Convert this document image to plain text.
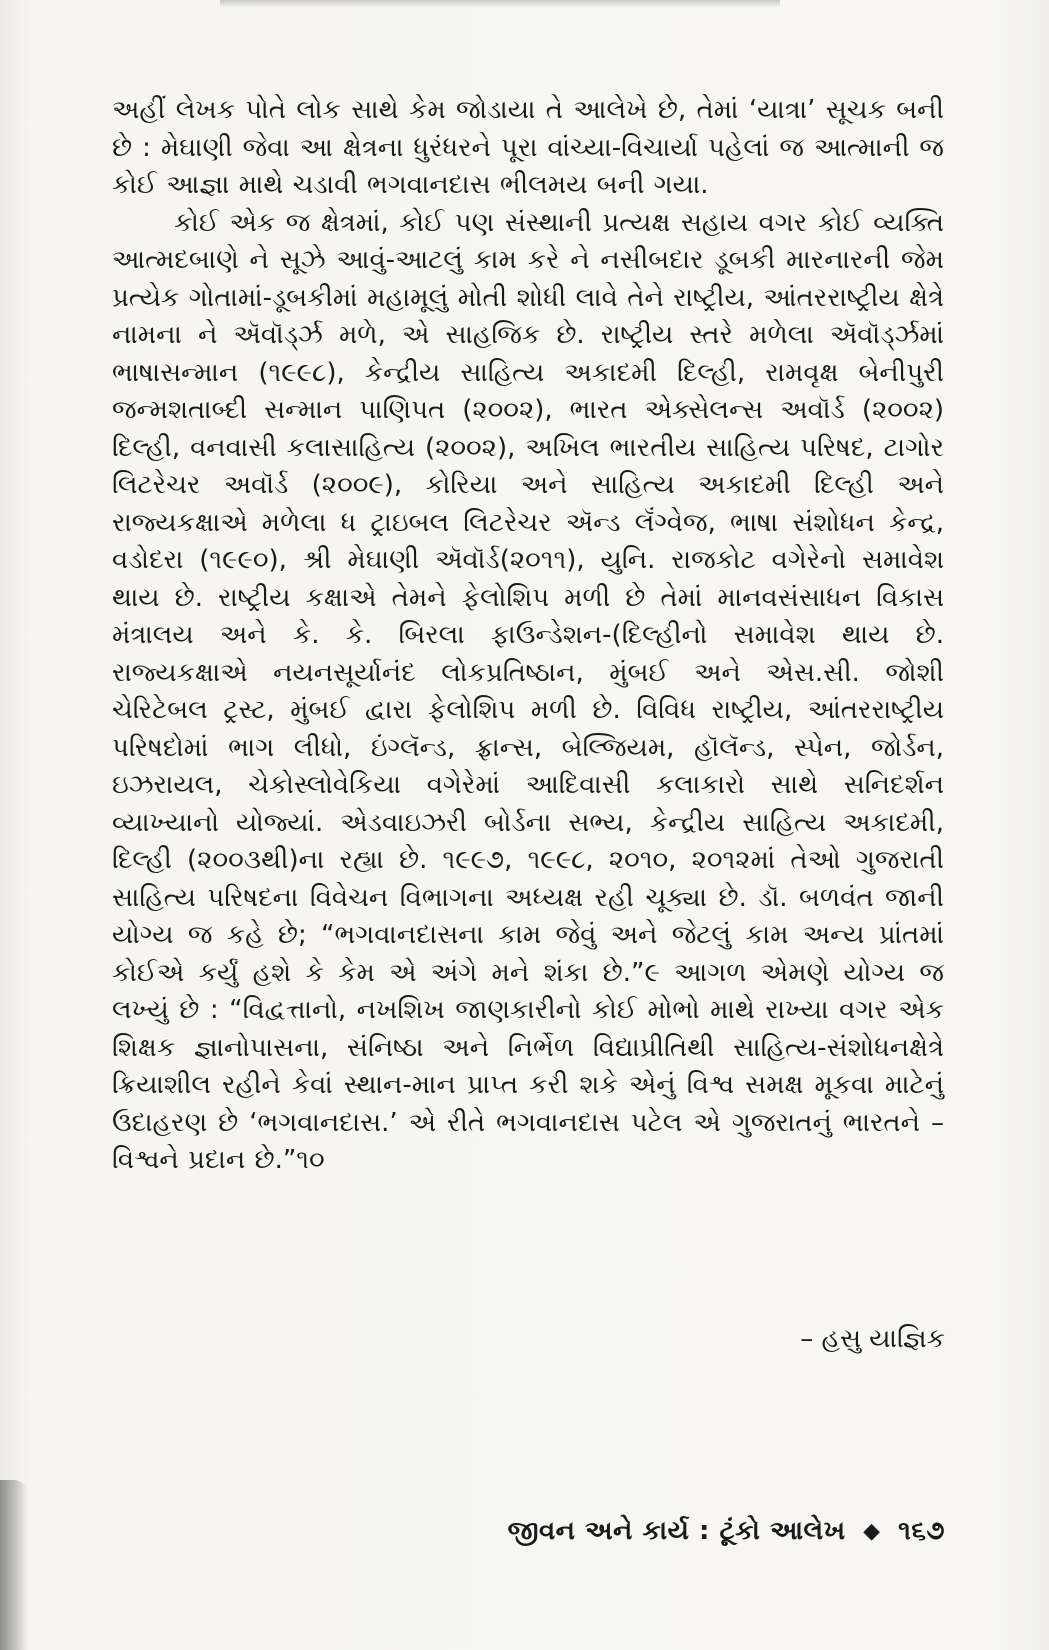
અહીં લેખક પોતે લોક સાથે કેમ જોડાયા તે આલેખે છે, તેમાં ‘યાત્રા’ સૂચક બની છે : મેઘાણી જેવા આ ક્ષેત્રના ધુરંધરને પૂરા વાંચ્યા-વિચાર્યા પહેલાં જ આત્માની જ કોઈ આજ્ઞા માથે ચડાવી ભગવાનદાસ ભીલમય બની ગયા.

કોઈ એક જ ક્ષેત્રમાં, કોઈ પણ સંસ્થાની પ્રત્યક્ષ સહાય વગર કોઈ વ્યક્તિ આત્મદબાણે ને સૂઝે આવું-આટલું કામ કરે ને નસીબદાર ડૂબકી મારનારની જેમ પ્રત્યેક ગોતામાં-ડૂબકીમાં મહામૂલું મોતી શોધી લાવે તેને રાષ્ટ્રીય, આંતરરાષ્ટ્રીય ક્ષેત્રે નામના ને ઍવૉર્ડ્ઝ મળે, એ સાહજિક છે. રાષ્ટ્રીય સ્તરે મળેલા ઍવૉર્ડ્ઝમાં ભાષાસન્માન (૧૯૯૮), કેન્દ્રીય સાહિત્ય અકાદમી દિલ્હી, રામવૃક્ષ બેનીપુરી જન્મશતાબ્દી સન્માન પાણિપત (૨૦૦૨), ભારત એક્સેલન્સ અવૉર્ડ (૨૦૦૨) દિલ્હી, વનવાસી કલાસાહિત્ય (૨૦૦૨), અખિલ ભારતીય સાહિત્ય પરિષદ, ટાગોર લિટરેચર અવૉર્ડ (૨૦૦૯), કોરિયા અને સાહિત્ય અકાદમી દિલ્હી અને રાજ્યકક્ષાએ મળેલા ધ ટ્રાઇબલ લિટરેચર ઍન્ડ લૅંગ્વેજ, ભાષા સંશોધન કેન્દ્ર, વડોદરા (૧૯૯૦), શ્રી મેઘાણી ઍવૉર્ડ(૨૦૧૧), યુનિ. રાજકોટ વગેરેનો સમાવેશ થાય છે. રાષ્ટ્રીય કક્ષાએ તેમને ફેલોશિપ મળી છે તેમાં માનવસંસાધન વિકાસ મંત્રાલય અને કે. કે. બિરલા ફાઉન્ડેશન-(દિલ્હીનો સમાવેશ થાય છે. રાજ્યકક્ષાએ નયનસૂર્યાનંદ લોકપ્રતિષ્ઠાન, મુંબઈ અને એસ.સી. જોશી ચેરિટેબલ ટ્રસ્ટ, મુંબઈ દ્વારા ફેલોશિપ મળી છે. વિવિધ રાષ્ટ્રીય, આંતરરાષ્ટ્રીય પરિષદોમાં ભાગ લીધો, ઇંગ્લૅન્ડ, ફ્રાન્સ, બેલ્જિયમ, હૉલૅન્ડ, સ્પેન, જોર્ડન, ઇઝરાયલ, ચેકોસ્લોવેકિયા વગેરેમાં આદિવાસી કલાકારો સાથે સનિદર્શન વ્યાખ્યાનો યોજ્યાં. એડવાઇઝરી બોર્ડના સભ્ય, કેન્દ્રીય સાહિત્ય અકાદમી, દિલ્હી (૨૦૦૩થી)ના રહ્યા છે. ૧૯૯૭, ૧૯૯૮, ૨૦૧૦, ૨૦૧૨માં તેઓ ગુજરાતી સાહિત્ય પરિષદના વિવેચન વિભાગના અધ્યક્ષ રહી ચૂક્યા છે. ડૉ. બળવંત જાની યોગ્ય જ કહે છે; “ભગવાનદાસના કામ જેવું અને જેટલું કામ અન્ય પ્રાંતમાં કોઈએ કર્યું હશે કે કેમ એ અંગે મને શંકા છે.”૯ આગળ એમણે યોગ્ય જ લખ્યું છે : “વિદ્વત્તાનો, નખશિખ જાણકારીનો કોઈ મોભો માથે રાખ્યા વગર એક શિક્ષક જ્ઞાનોપાસના, સંનિષ્ઠા અને નિર્ભેળ વિદ્યાપ્રીતિથી સાહિત્ય-સંશોધનક્ષેત્રે ક્રિયાશીલ રહીને કેવાં સ્થાન-માન પ્રાપ્ત કરી શકે એનું વિશ્વ સમક્ષ મૂકવા માટેનું ઉદાહરણ છે ‘ભગવાનદાસ.’ એ રીતે ભગવાનદાસ પટેલ એ ગુજરાતનું ભારતને – વિશ્વને પ્રદાન છે.”૧૦

– હસુ યાજ્ઞિક
જીવન અને કાર્ય : ટૂંકો આલેખ ◆ ૧૬૭
